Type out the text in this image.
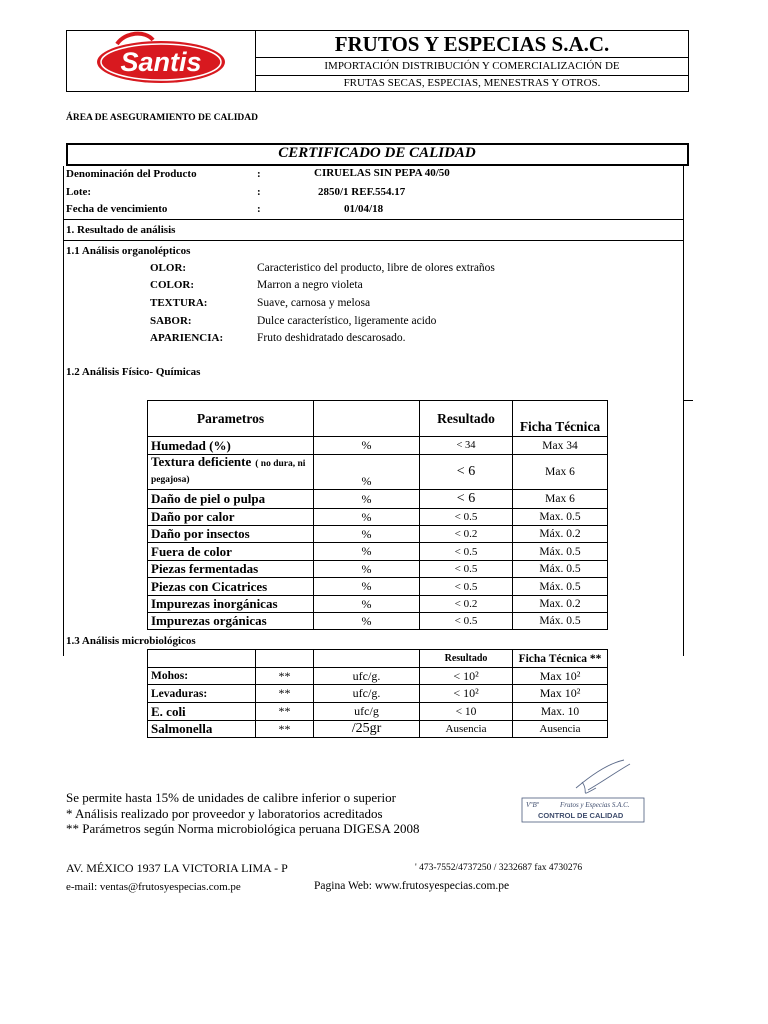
Santis
FRUTOS Y ESPECIAS S.A.C.
IMPORTACIÓN DISTRIBUCIÓN Y COMERCIALIZACIÓN DE
FRUTAS SECAS, ESPECIAS, MENESTRAS Y OTROS.
ÁREA DE ASEGURAMIENTO DE CALIDAD
CERTIFICADO DE CALIDAD
Denominación del Producto	:	CIRUELAS SIN PEPA 40/50
Lote:	:	2850/1 REF.554.17
Fecha de vencimiento	:	01/04/18
1. Resultado de análisis
1.1 Análisis organolépticos
OLOR:	Caracteristico del producto, libre de olores extraños
COLOR:	Marron a negro violeta
TEXTURA:	Suave, carnosa y melosa
SABOR:	Dulce característico, ligeramente acido
APARIENCIA:	Fruto deshidratado descarosado.
1.2 Análisis Físico- Químicas
Parametros		Resultado	Ficha Técnica
Humedad (%)	%	< 34	Max 34
Textura deficiente ( no dura, ni pegajosa)	%	< 6	Max 6
Daño de piel o pulpa	%	< 6	Max 6
Daño por calor	%	< 0.5	Max. 0.5
Daño por insectos	%	< 0.2	Máx. 0.2
Fuera de color	%	< 0.5	Máx. 0.5
Piezas fermentadas	%	< 0.5	Máx. 0.5
Piezas con Cicatrices	%	< 0.5	Máx. 0.5
Impurezas inorgánicas	%	< 0.2	Max. 0.2
Impurezas orgánicas	%	< 0.5	Máx. 0.5
1.3 Análisis microbiológicos
			Resultado	Ficha Técnica **
Mohos:	**	ufc/g.	< 10²	Max 10²
Levaduras:	**	ufc/g.	< 10²	Max 10²
E. coli	**	ufc/g	< 10	Max. 10
Salmonella	**	/25gr	Ausencia	Ausencia
Se permite hasta 15% de unidades de calibre inferior o superior
* Análisis realizado por proveedor y laboratorios acreditados
** Parámetros según Norma microbiológica peruana DIGESA 2008
VºBº	Frutos y Especias S.A.C.
CONTROL DE CALIDAD
AV. MÉXICO 1937 LA VICTORIA LIMA - P	' 473-7552/4737250 / 3232687 fax 4730276
e-mail: ventas@frutosyespecias.com.pe	Pagina Web: www.frutosyespecias.com.pe
